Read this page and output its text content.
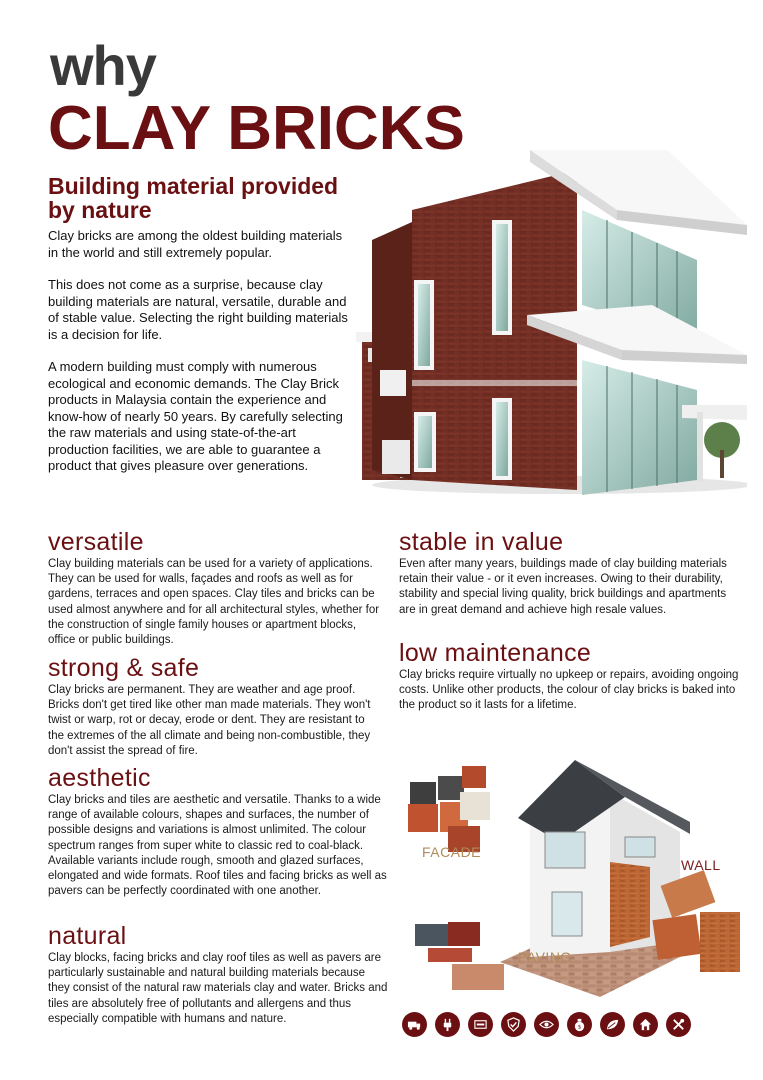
why
CLAY BRICKS
Building material provided by nature

Clay bricks are among the oldest building materials in the world and still extremely popular.

This does not come as a surprise, because clay building materials are natural, versatile, durable and of stable value. Selecting the right building materials is a decision for life.

A modern building must comply with numerous ecological and economic demands. The Clay Brick products in Malaysia contain the experience and know-how of nearly 50 years. By carefully selecting the raw materials and using state-of-the-art production facilities, we are able to guarantee a product that gives pleasure over generations.

versatile

Clay building materials can be used for a variety of applications. They can be used for walls, façades and roofs as well as for gardens, terraces and open spaces. Clay tiles and bricks can be used almost anywhere and for all architectural styles, whether for the construction of single family houses or apartment blocks, office or public buildings.

strong & safe

Clay bricks are permanent. They are weather and age proof. Bricks don't get tired like other man made materials. They won't twist or warp, rot or decay, erode or dent. They are resistant to the extremes of the all climate and being non-combustible, they don't assist the spread of fire.

aesthetic

Clay bricks and tiles are aesthetic and versatile. Thanks to a wide range of available colours, shapes and surfaces, the number of possible designs and variations is almost unlimited. The colour spectrum ranges from super white to classic red to coal-black. Available variants include rough, smooth and glazed surfaces, elongated and wide formats. Roof tiles and facing bricks as well as pavers can be perfectly coordinated with one another.

natural

Clay blocks, facing bricks and clay roof tiles as well as pavers are particularly sustainable and natural building materials because they consist of the natural raw materials clay and water. Bricks and tiles are absolutely free of pollutants and allergens and thus especially compatible with humans and nature.

stable in value

Even after many years, buildings made of clay building materials retain their value - or it even increases. Owing to their durability, stability and special living quality, brick buildings and apartments are in great demand and achieve high resale values.

low maintenance

Clay bricks require virtually no upkeep or repairs, avoiding ongoing costs. Unlike other products, the colour of clay bricks is baked into the product so it lasts for a lifetime.

FACADE
WALL
PAVING
$
